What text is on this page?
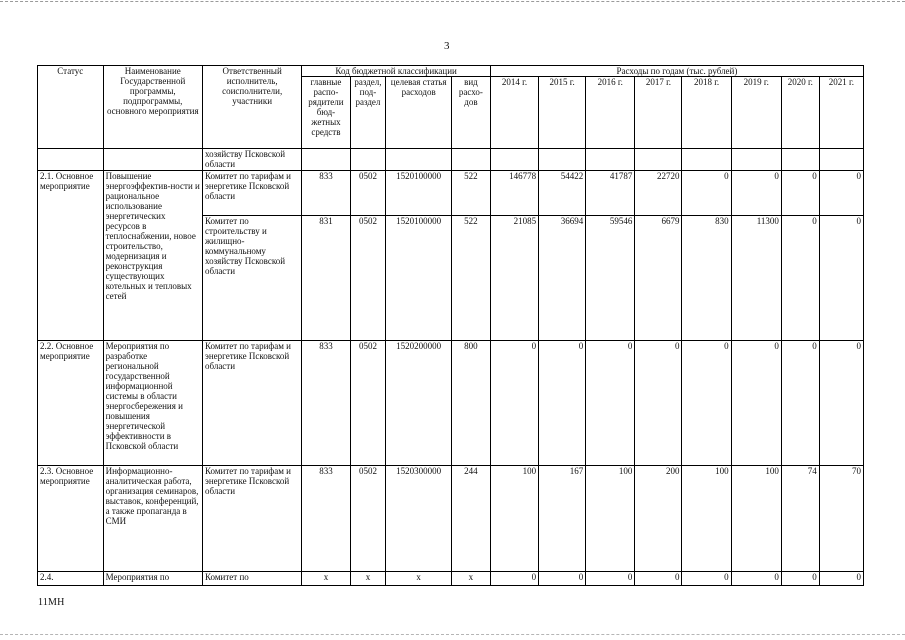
3
Статус	Наименование Государственной программы, подпрограммы, основного мероприятия	Ответственный исполнитель, соисполнители, участники	Код бюджетной классификации				Расходы по годам (тыс. рублей)							
			главные распо-рядители бюд-жетных средств	раздел, под-раздел	целевая статья расходов	вид расхо-дов	2014 г.	2015 г.	2016 г.	2017 г.	2018 г.	2019 г.	2020 г.	2021 г.
		хозяйству Псковской области												
2.1. Основное мероприятие	Повышение энергоэффектив-ности и рациональное использование энергетических ресурсов в теплоснабжении, новое строительство, модернизация и реконструкция существующих котельных и тепловых сетей	Комитет по тарифам и энергетике Псковской области	833	0502	1520100000	522	146778	54422	41787	22720	0	0	0	0
		Комитет по строительству и жилищно-коммунальному хозяйству Псковской области	831	0502	1520100000	522	21085	36694	59546	6679	830	11300	0	0
2.2. Основное мероприятие	Мероприятия по разработке региональной государственной информационной системы в области энергосбережения и повышения энергетической эффективности в Псковской области	Комитет по тарифам и энергетике Псковской области	833	0502	1520200000	800	0	0	0	0	0	0	0	0
2.3. Основное мероприятие	Информационно-аналитическая работа, организация семинаров, выставок, конференций, а также пропаганда в СМИ	Комитет по тарифам и энергетике Псковской области	833	0502	1520300000	244	100	167	100	200	100	100	74	70
2.4.	Мероприятия по	Комитет по	х	х	х	х	0	0	0	0	0	0	0	0
11МН
